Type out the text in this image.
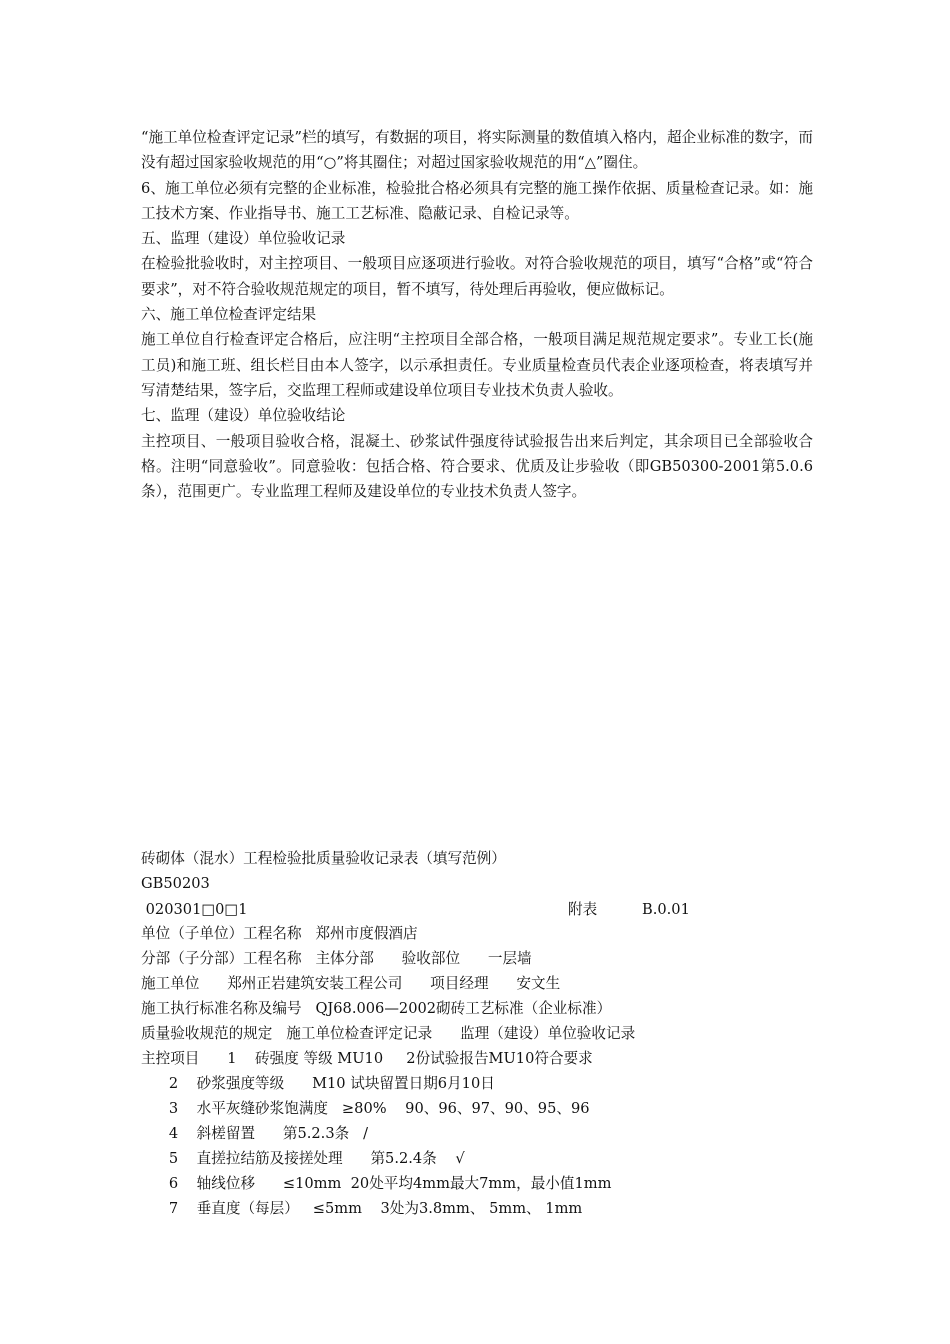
“施工单位检查评定记录”栏的填写，有数据的项目，将实际测量的数值填入格内，超企业标准的数字，而没有超过国家验收规范的用“○”将其圈住；对超过国家验收规范的用“△”圈住。

6、施工单位必须有完整的企业标准，检验批合格必须具有完整的施工操作依据、质量检查记录。如：施工技术方案、作业指导书、施工工艺标准、隐蔽记录、自检记录等。

五、监理（建设）单位验收记录

在检验批验收时，对主控项目、一般项目应逐项进行验收。对符合验收规范的项目，填写“合格”或“符合要求”，对不符合验收规范规定的项目，暂不填写，待处理后再验收，便应做标记。

六、施工单位检查评定结果

施工单位自行检查评定合格后，应注明“主控项目全部合格，一般项目满足规范规定要求”。专业工长(施工员)和施工班、组长栏目由本人签字，以示承担责任。专业质量检查员代表企业逐项检查，将表填写并写清楚结果，签字后，交监理工程师或建设单位项目专业技术负责人验收。

七、监理（建设）单位验收结论

主控项目、一般项目验收合格，混凝土、砂浆试件强度待试验报告出来后判定，其余项目已全部验收合格。注明“同意验收”。同意验收：包括合格、符合要求、优质及让步验收（即GB50300-2001第5.0.6条），范围更广。专业监理工程师及建设单位的专业技术负责人签字。

砖砌体（混水）工程检验批质量验收记录表（填写范例）
GB50203
020301□0□1	附表	B.0.01
单位（子单位）工程名称   郑州市度假酒店
分部（子分部）工程名称   主体分部      验收部位      一层墙
施工单位      郑州正岩建筑安装工程公司      项目经理      安文生
施工执行标准名称及编号   QJ68.006—2002砌砖工艺标准（企业标准）
质量验收规范的规定   施工单位检查评定记录      监理（建设）单位验收记录
主控项目      1    砖强度 等级 MU10     2份试验报告MU10符合要求
2    砂浆强度等级      M10 试块留置日期6月10日
3    水平灰缝砂浆饱满度   ≥80%    90、96、97、90、95、96
4    斜槎留置      第5.2.3条   /
5    直搓拉结筋及接搓处理      第5.2.4条    √
6    轴线位移      ≤10mm  20处平均4mm最大7mm，最小值1mm
7    垂直度（每层）   ≤5mm    3处为3.8mm、 5mm、 1mm
